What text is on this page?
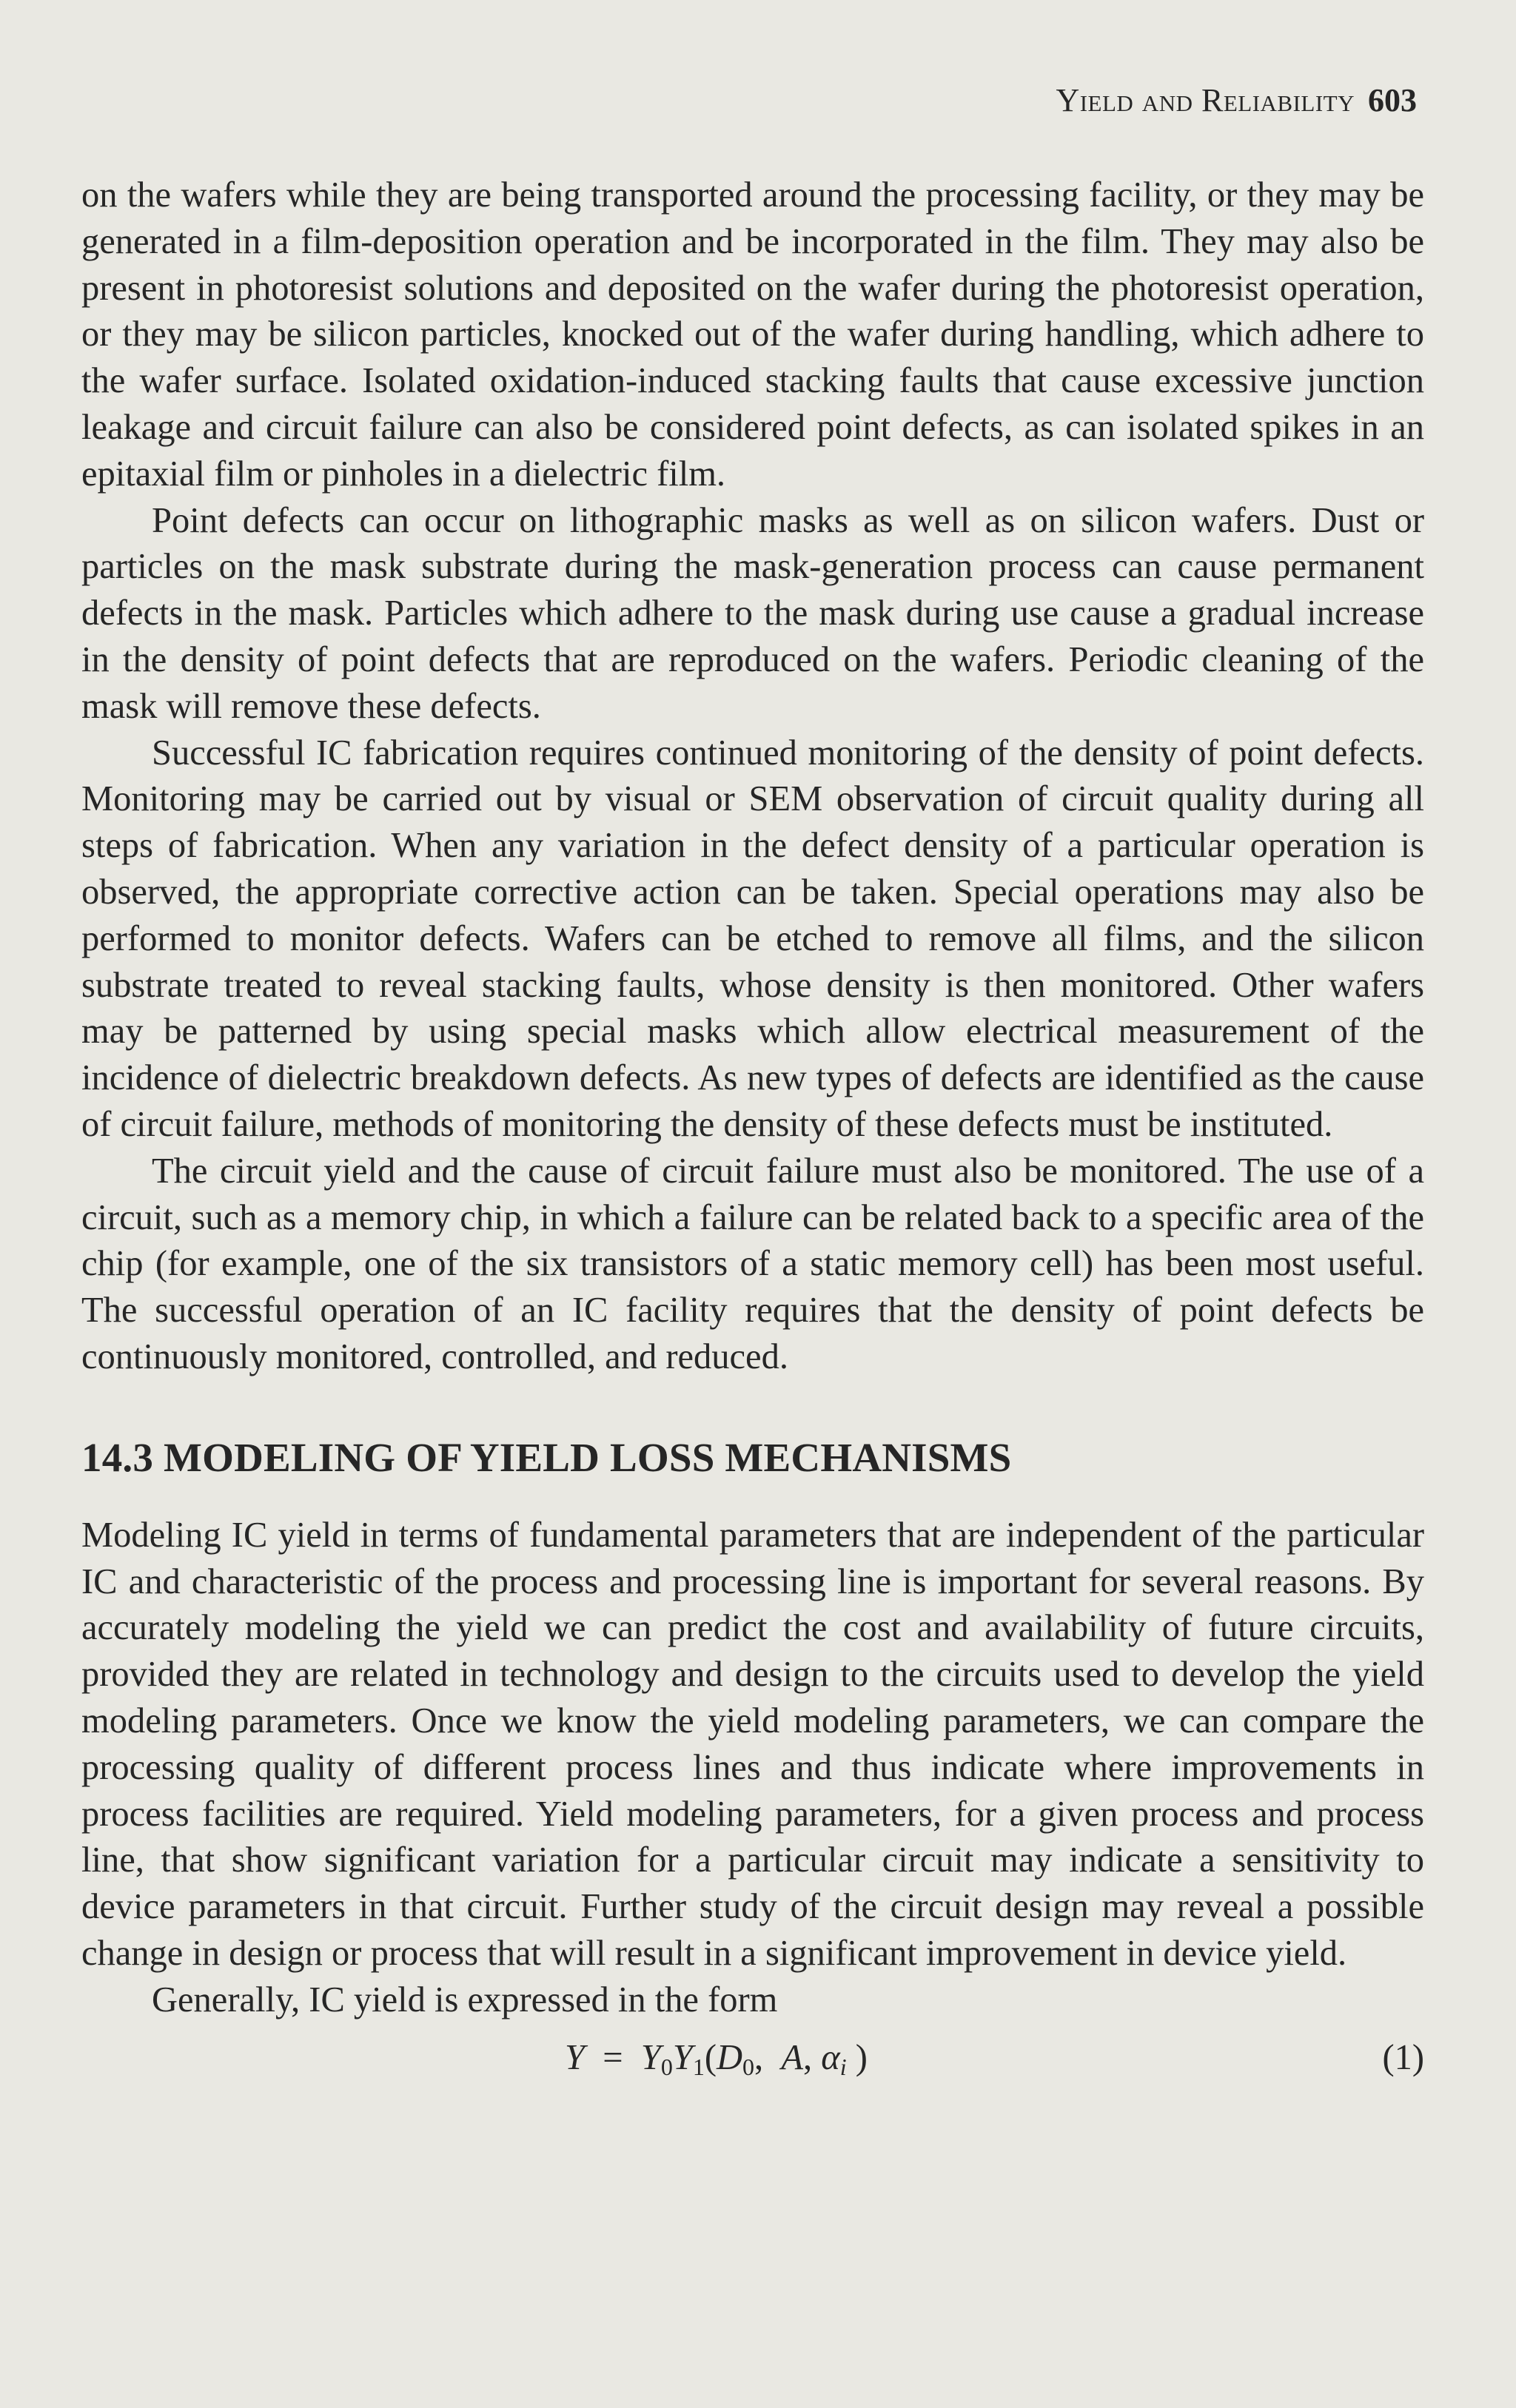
Yield and Reliability 603

on the wafers while they are being transported around the processing facility, or they may be generated in a film-deposition operation and be incorporated in the film. They may also be present in photoresist solutions and deposited on the wafer during the photoresist operation, or they may be silicon particles, knocked out of the wafer during handling, which adhere to the wafer surface. Isolated oxidation-induced stacking faults that cause excessive junction leakage and circuit failure can also be considered point defects, as can isolated spikes in an epitaxial film or pinholes in a dielectric film.

Point defects can occur on lithographic masks as well as on silicon wafers. Dust or particles on the mask substrate during the mask-generation process can cause permanent defects in the mask. Particles which adhere to the mask during use cause a gradual increase in the density of point defects that are reproduced on the wafers. Periodic cleaning of the mask will remove these defects.

Successful IC fabrication requires continued monitoring of the density of point defects. Monitoring may be carried out by visual or SEM observation of circuit quality during all steps of fabrication. When any variation in the defect density of a particular operation is observed, the appropriate corrective action can be taken. Special operations may also be performed to monitor defects. Wafers can be etched to remove all films, and the silicon substrate treated to reveal stacking faults, whose density is then monitored. Other wafers may be patterned by using special masks which allow electrical measurement of the incidence of dielectric breakdown defects. As new types of defects are identified as the cause of circuit failure, methods of monitoring the density of these defects must be instituted.

The circuit yield and the cause of circuit failure must also be monitored. The use of a circuit, such as a memory chip, in which a failure can be related back to a specific area of the chip (for example, one of the six transistors of a static memory cell) has been most useful. The successful operation of an IC facility requires that the density of point defects be continuously monitored, controlled, and reduced.

14.3 MODELING OF YIELD LOSS MECHANISMS

Modeling IC yield in terms of fundamental parameters that are independent of the particular IC and characteristic of the process and processing line is important for several reasons. By accurately modeling the yield we can predict the cost and availability of future circuits, provided they are related in technology and design to the circuits used to develop the yield modeling parameters. Once we know the yield modeling parameters, we can compare the processing quality of different process lines and thus indicate where improvements in process facilities are required. Yield modeling parameters, for a given process and process line, that show significant variation for a particular circuit may indicate a sensitivity to device parameters in that circuit. Further study of the circuit design may reveal a possible change in design or process that will result in a significant improvement in device yield.

Generally, IC yield is expressed in the form

$Y = Y_0Y_1(D_0$, A, $\alpha_i$ )	(1)
